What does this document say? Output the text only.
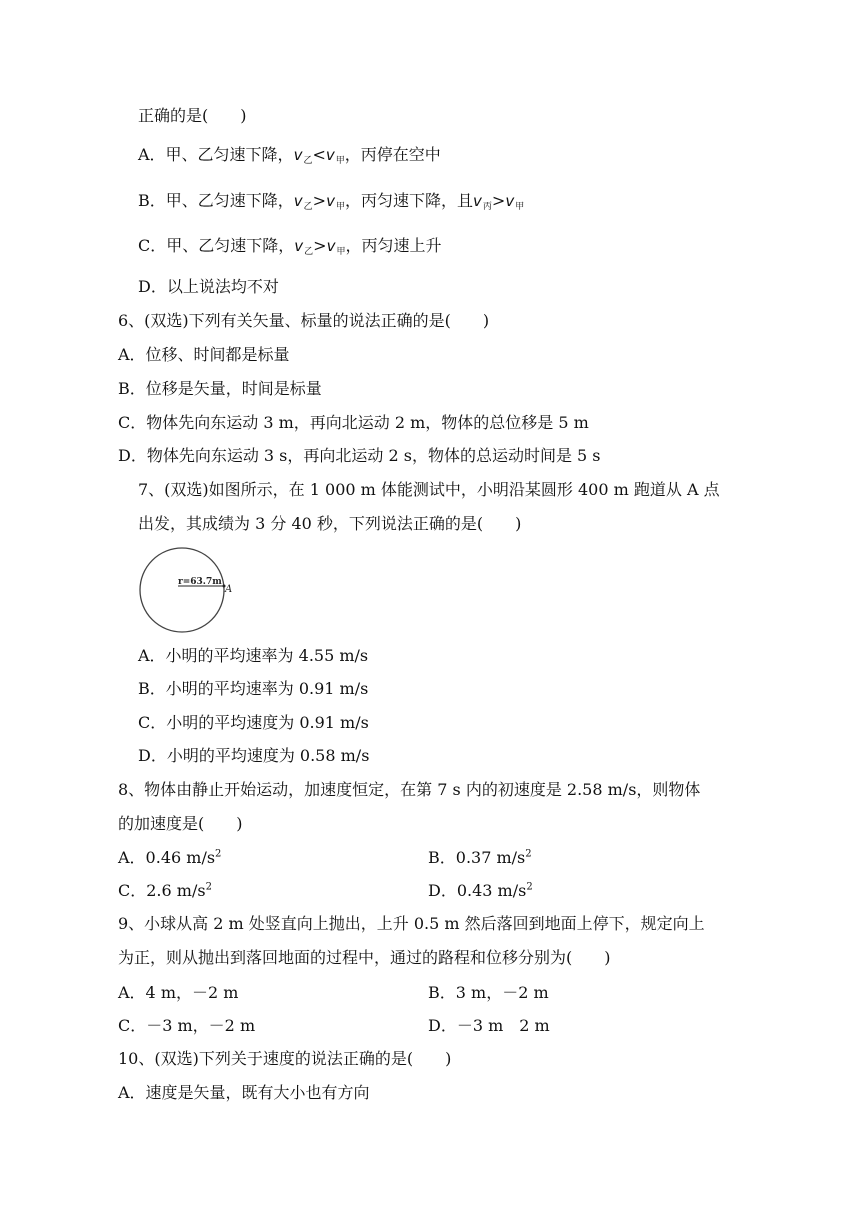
正确的是(　　)
A．甲、乙匀速下降，v乙<v甲，丙停在空中
B．甲、乙匀速下降，v乙>v甲，丙匀速下降，且v丙>v甲
C．甲、乙匀速下降，v乙>v甲，丙匀速上升
D．以上说法均不对
6、(双选)下列有关矢量、标量的说法正确的是(　　)
A．位移、时间都是标量
B．位移是矢量，时间是标量
C．物体先向东运动 3 m，再向北运动 2 m，物体的总位移是 5 m
D．物体先向东运动 3 s，再向北运动 2 s，物体的总运动时间是 5 s
7、(双选)如图所示，在 1 000 m 体能测试中，小明沿某圆形 400 m 跑道从 A 点
出发，其成绩为 3 分 40 秒，下列说法正确的是(　　)
r=63.7m
A
A．小明的平均速率为 4.55 m/s
B．小明的平均速率为 0.91 m/s
C．小明的平均速度为 0.91 m/s
D．小明的平均速度为 0.58 m/s
8、物体由静止开始运动，加速度恒定，在第 7 s 内的初速度是 2.58 m/s，则物体
的加速度是(　　)
A．0.46 $m/s^2$	B．0.37 $m/s^2$
C．2.6 $m/s^2$	D．0.43 $m/s^2$
9、小球从高 2 m 处竖直向上抛出，上升 0.5 m 然后落回到地面上停下，规定向上
为正，则从抛出到落回地面的过程中，通过的路程和位移分别为(　　)
A．4 m，－2 m	B．3 m，－2 m
C．－3 m，－2 m	D．－3 m　2 m
10、(双选)下列关于速度的说法正确的是(　　)
A．速度是矢量，既有大小也有方向
